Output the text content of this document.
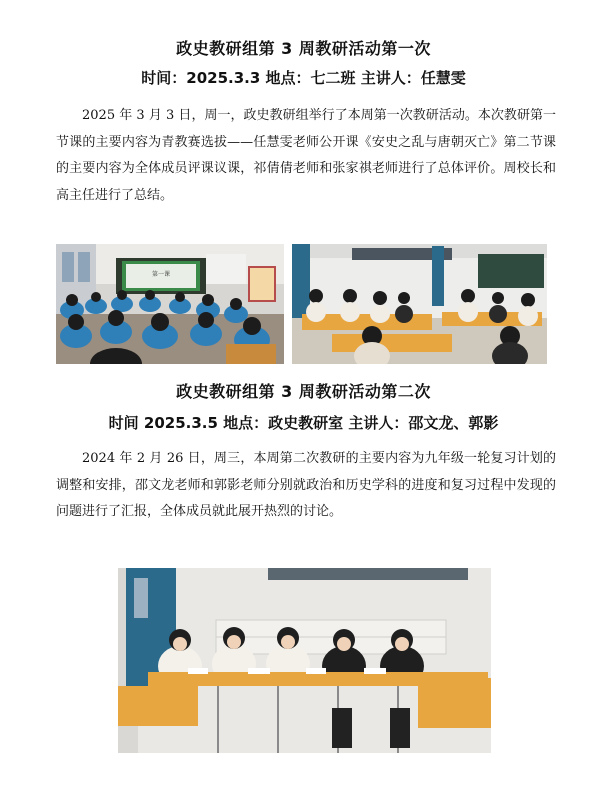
政史教研组第 3 周教研活动第一次
时间：2025.3.3 地点：七二班 主讲人：任慧雯
2025 年 3 月 3 日，周一，政史教研组举行了本周第一次教研活动。本次教研第一节课的主要内容为青教赛选拔——任慧雯老师公开课《安史之乱与唐朝灭亡》第二节课的主要内容为全体成员评课议课，祁倩倩老师和张家祺老师进行了总体评价。周校长和高主任进行了总结。
第一课
政史教研组第 3 周教研活动第二次
时间 2025.3.5 地点：政史教研室 主讲人：邵文龙、郭影
2024 年 2 月 26 日，周三，本周第二次教研的主要内容为九年级一轮复习计划的调整和安排，邵文龙老师和郭影老师分别就政治和历史学科的进度和复习过程中发现的问题进行了汇报，全体成员就此展开热烈的讨论。
